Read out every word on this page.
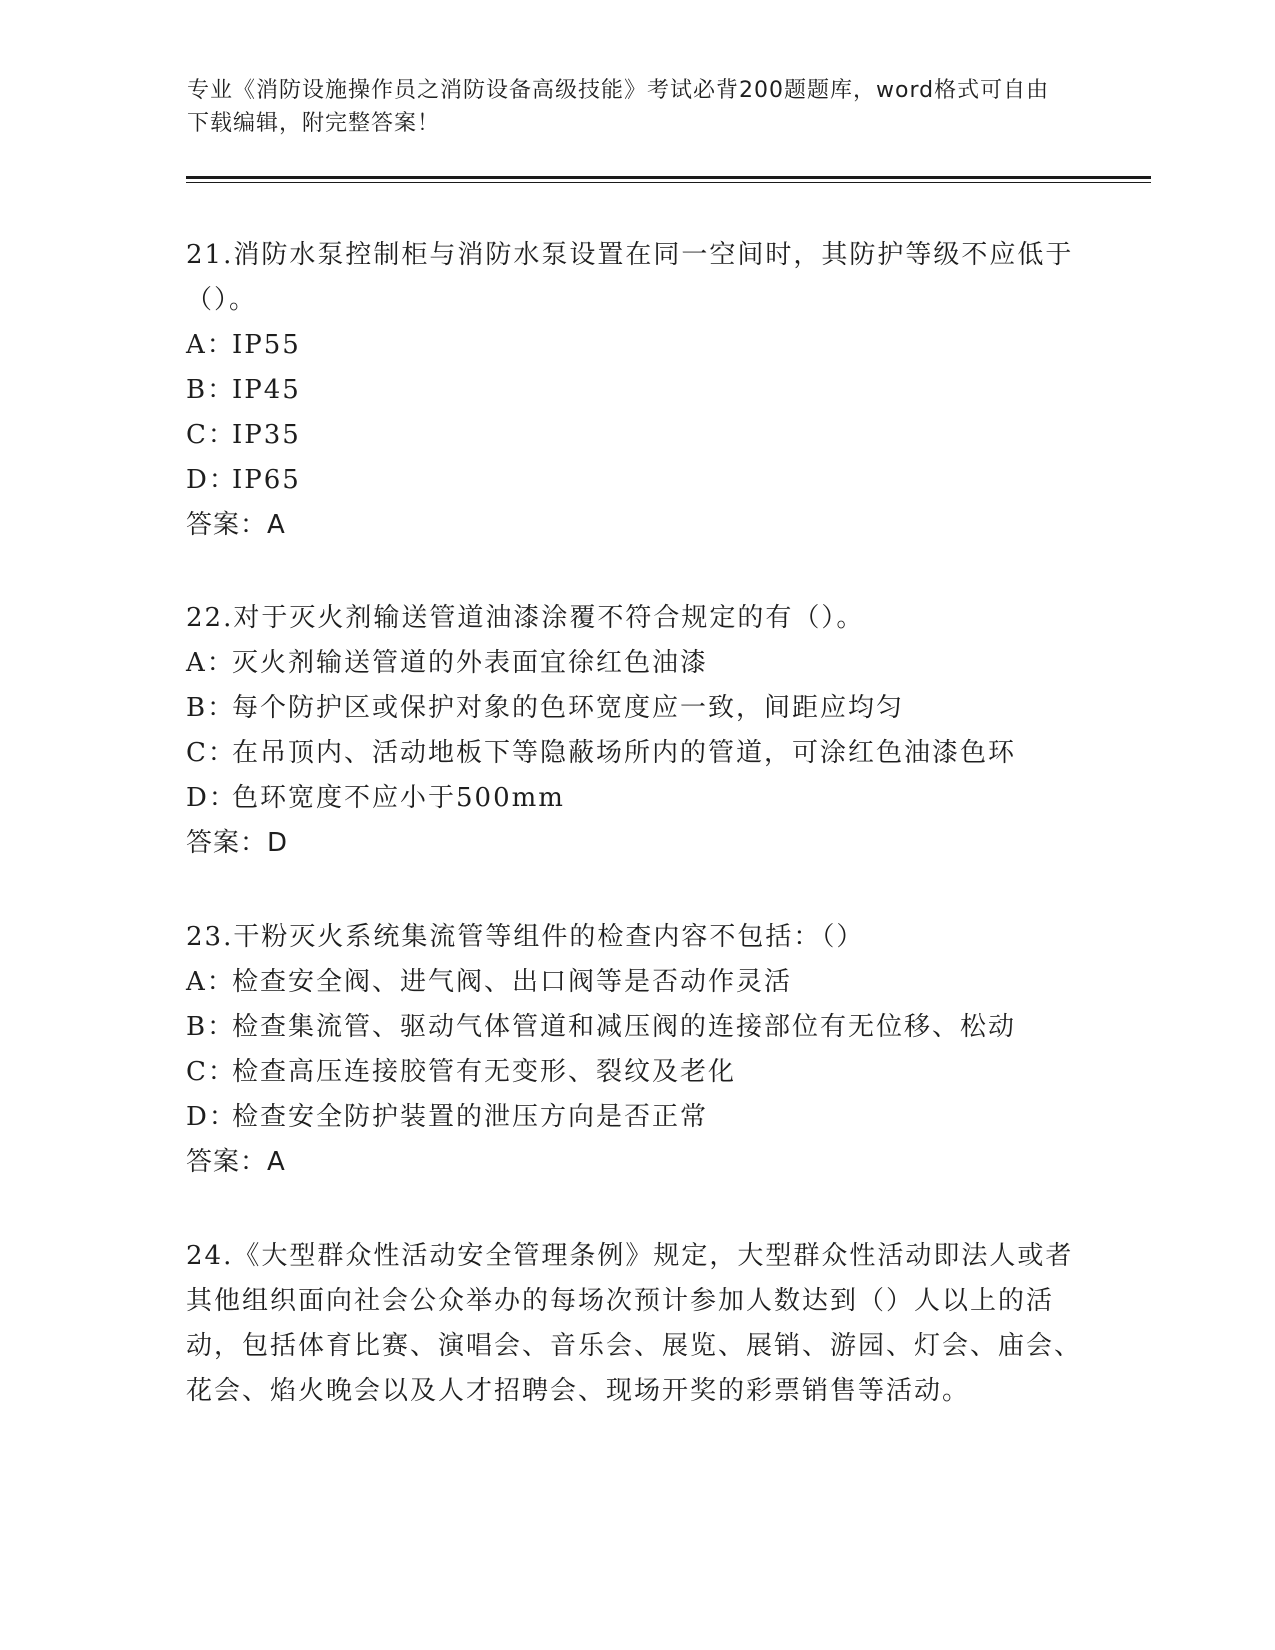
专业《消防设施操作员之消防设备高级技能》考试必背200题题库，word格式可自由下载编辑，附完整答案！

21.消防水泵控制柜与消防水泵设置在同一空间时，其防护等级不应低于（）。

A：
IP55

B：
IP45

C：
IP35

D：
IP65

答案：A

22.对于灭火剂输送管道油漆涂覆不符合规定的有（）。

A：
灭火剂输送管道的外表面宜徐红色油漆

B：
每个防护区或保护对象的色环宽度应一致，间距应均匀

C：
在吊顶内、活动地板下等隐蔽场所内的管道，可涂红色油漆色环

D：
色环宽度不应小于500mm

答案：D

23.干粉灭火系统集流管等组件的检查内容不包括：（）

A：
检查安全阀、进气阀、出口阀等是否动作灵活

B：
检查集流管、驱动气体管道和减压阀的连接部位有无位移、松动

C：
检查高压连接胶管有无变形、裂纹及老化

D：
检查安全防护装置的泄压方向是否正常

答案：A

24.《大型群众性活动安全管理条例》规定，大型群众性活动即法人或者其他组织面向社会公众举办的每场次预计参加人数达到（）人以上的活动，包括体育比赛、演唱会、音乐会、展览、展销、游园、灯会、庙会、花会、焰火晚会以及人才招聘会、现场开奖的彩票销售等活动。
